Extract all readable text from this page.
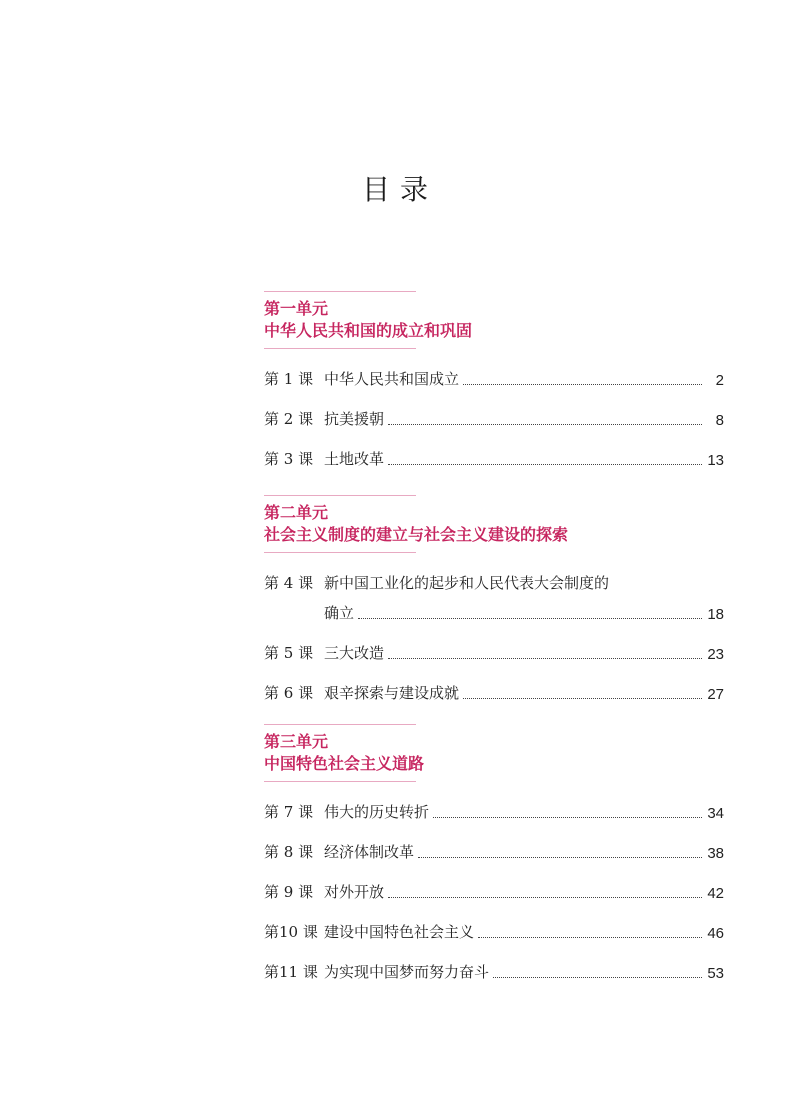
目录
第一单元
中华人民共和国的成立和巩固
第 1 课 中华人民共和国成立	2
第 2 课 抗美援朝	8
第 3 课 土地改革	13
第二单元
社会主义制度的建立与社会主义建设的探索
第 4 课 新中国工业化的起步和人民代表大会制度的
确立	18
第 5 课 三大改造	23
第 6 课 艰辛探索与建设成就	27
第三单元
中国特色社会主义道路
第 7 课 伟大的历史转折	34
第 8 课 经济体制改革	38
第 9 课 对外开放	42
第10 课 建设中国特色社会主义	46
第11 课 为实现中国梦而努力奋斗	53
